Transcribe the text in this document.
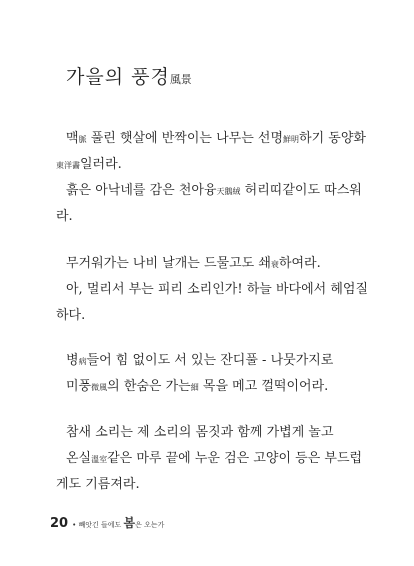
가을의 풍경風景
맥脈 풀린 햇살에 반짝이는 나무는 선명鮮明하기 동양화
東洋畵일러라.
흙은 아낙네를 감은 천아융天鵝絨 허리띠같이도 따스워
라.
무거워가는 나비 날개는 드물고도 쇄衰하여라.
아, 멀리서 부는 피리 소리인가! 하늘 바다에서 헤엄질
하다.
병病들어 힘 없이도 서 있는 잔디풀 - 나뭇가지로
미풍微風의 한숨은 가는細 목을 메고 껄떡이어라.
참새 소리는 제 소리의 몸짓과 함께 가볍게 놀고
온실溫室같은 마루 끝에 누운 검은 고양이 등은 부드럽
게도 기름져라.
20 • 빼앗긴 들에도 봄은 오는가
